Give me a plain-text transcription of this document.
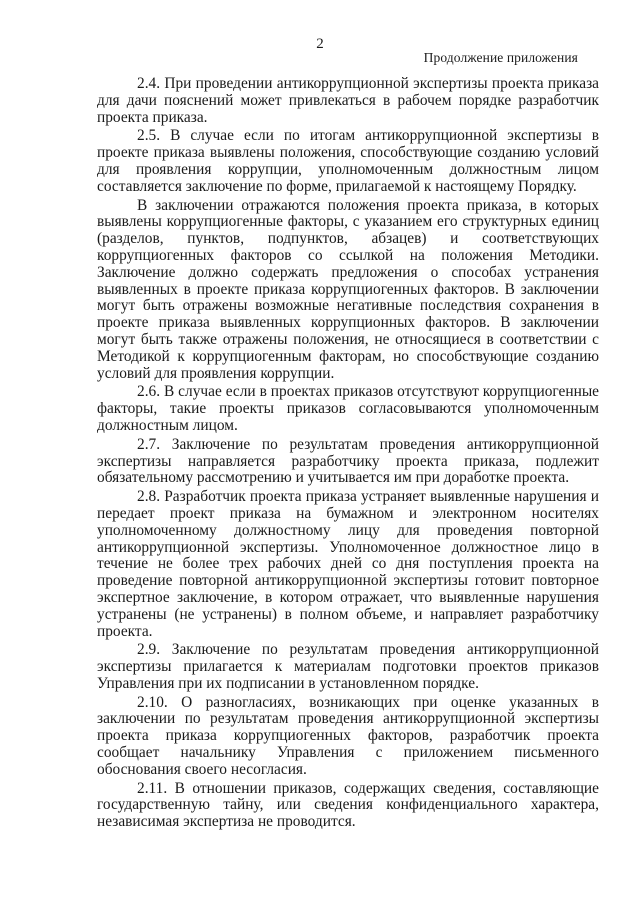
2
Продолжение приложения

2.4. При проведении антикоррупционной экспертизы проекта приказа для дачи пояснений может привлекаться в рабочем порядке разработчик проекта приказа.

2.5. В случае если по итогам антикоррупционной экспертизы в проекте приказа выявлены положения, способствующие созданию условий для проявления коррупции, уполномоченным должностным лицом составляется заключение по форме, прилагаемой к настоящему Порядку.

В заключении отражаются положения проекта приказа, в которых выявлены коррупциогенные факторы, с указанием его структурных единиц (разделов, пунктов, подпунктов, абзацев) и соответствующих коррупциогенных факторов со ссылкой на положения Методики. Заключение должно содержать предложения о способах устранения выявленных в проекте приказа коррупциогенных факторов. В заключении могут быть отражены возможные негативные последствия сохранения в проекте приказа выявленных коррупционных факторов. В заключении могут быть также отражены положения, не относящиеся в соответствии с Методикой к коррупциогенным факторам, но способствующие созданию условий для проявления коррупции.

2.6. В случае если в проектах приказов отсутствуют коррупциогенные факторы, такие проекты приказов согласовываются уполномоченным должностным лицом.

2.7. Заключение по результатам проведения антикоррупционной экспертизы направляется разработчику проекта приказа, подлежит обязательному рассмотрению и учитывается им при доработке проекта.

2.8. Разработчик проекта приказа устраняет выявленные нарушения и передает проект приказа на бумажном и электронном носителях уполномоченному должностному лицу для проведения повторной антикоррупционной экспертизы. Уполномоченное должностное лицо в течение не более трех рабочих дней со дня поступления проекта на проведение повторной антикоррупционной экспертизы готовит повторное экспертное заключение, в котором отражает, что выявленные нарушения устранены (не устранены) в полном объеме, и направляет разработчику проекта.

2.9. Заключение по результатам проведения антикоррупционной экспертизы прилагается к материалам подготовки проектов приказов Управления при их подписании в установленном порядке.

2.10. О разногласиях, возникающих при оценке указанных в заключении по результатам проведения антикоррупционной экспертизы проекта приказа коррупциогенных факторов, разработчик проекта сообщает начальнику Управления с приложением письменного обоснования своего несогласия.

2.11. В отношении приказов, содержащих сведения, составляющие государственную тайну, или сведения конфиденциального характера, независимая экспертиза не проводится.
